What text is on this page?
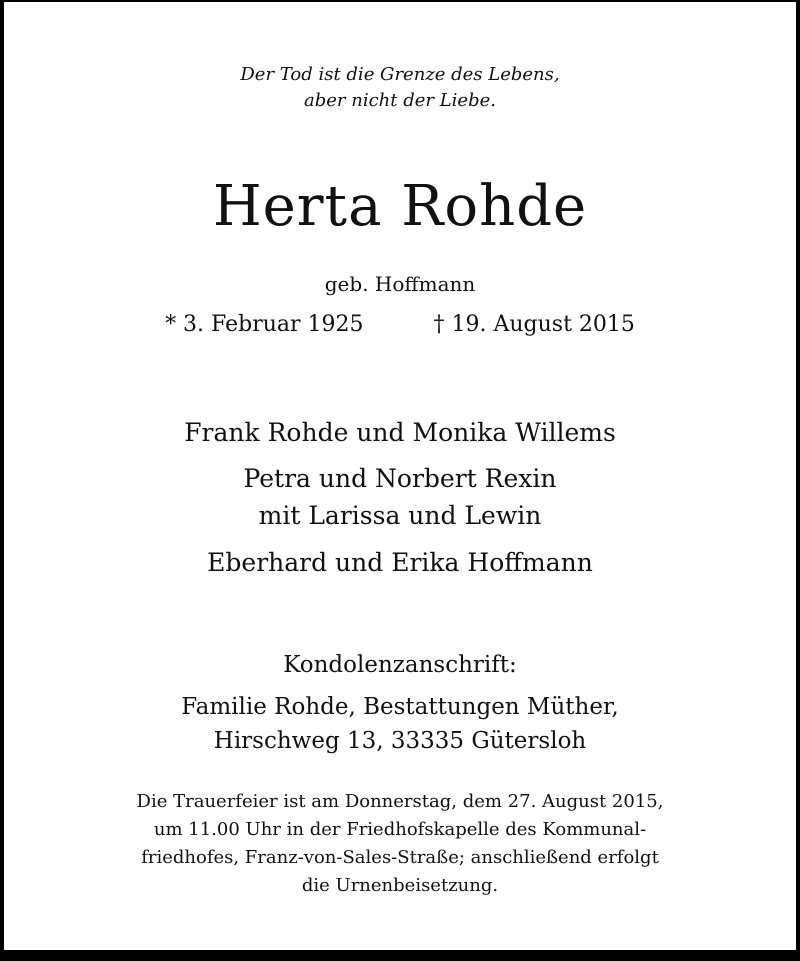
Der Tod ist die Grenze des Lebens,
aber nicht der Liebe.
Herta Rohde
geb. Hoffmann
* 3. Februar 1925	† 19. August 2015
Frank Rohde und Monika Willems
Petra und Norbert Rexin
mit Larissa und Lewin
Eberhard und Erika Hoffmann
Kondolenzanschrift:
Familie Rohde, Bestattungen Müther,
Hirschweg 13, 33335 Gütersloh
Die Trauerfeier ist am Donnerstag, dem 27. August 2015,
um 11.00 Uhr in der Friedhofskapelle des Kommunal-
friedhofes, Franz-von-Sales-Straße; anschließend erfolgt
die Urnenbeisetzung.
